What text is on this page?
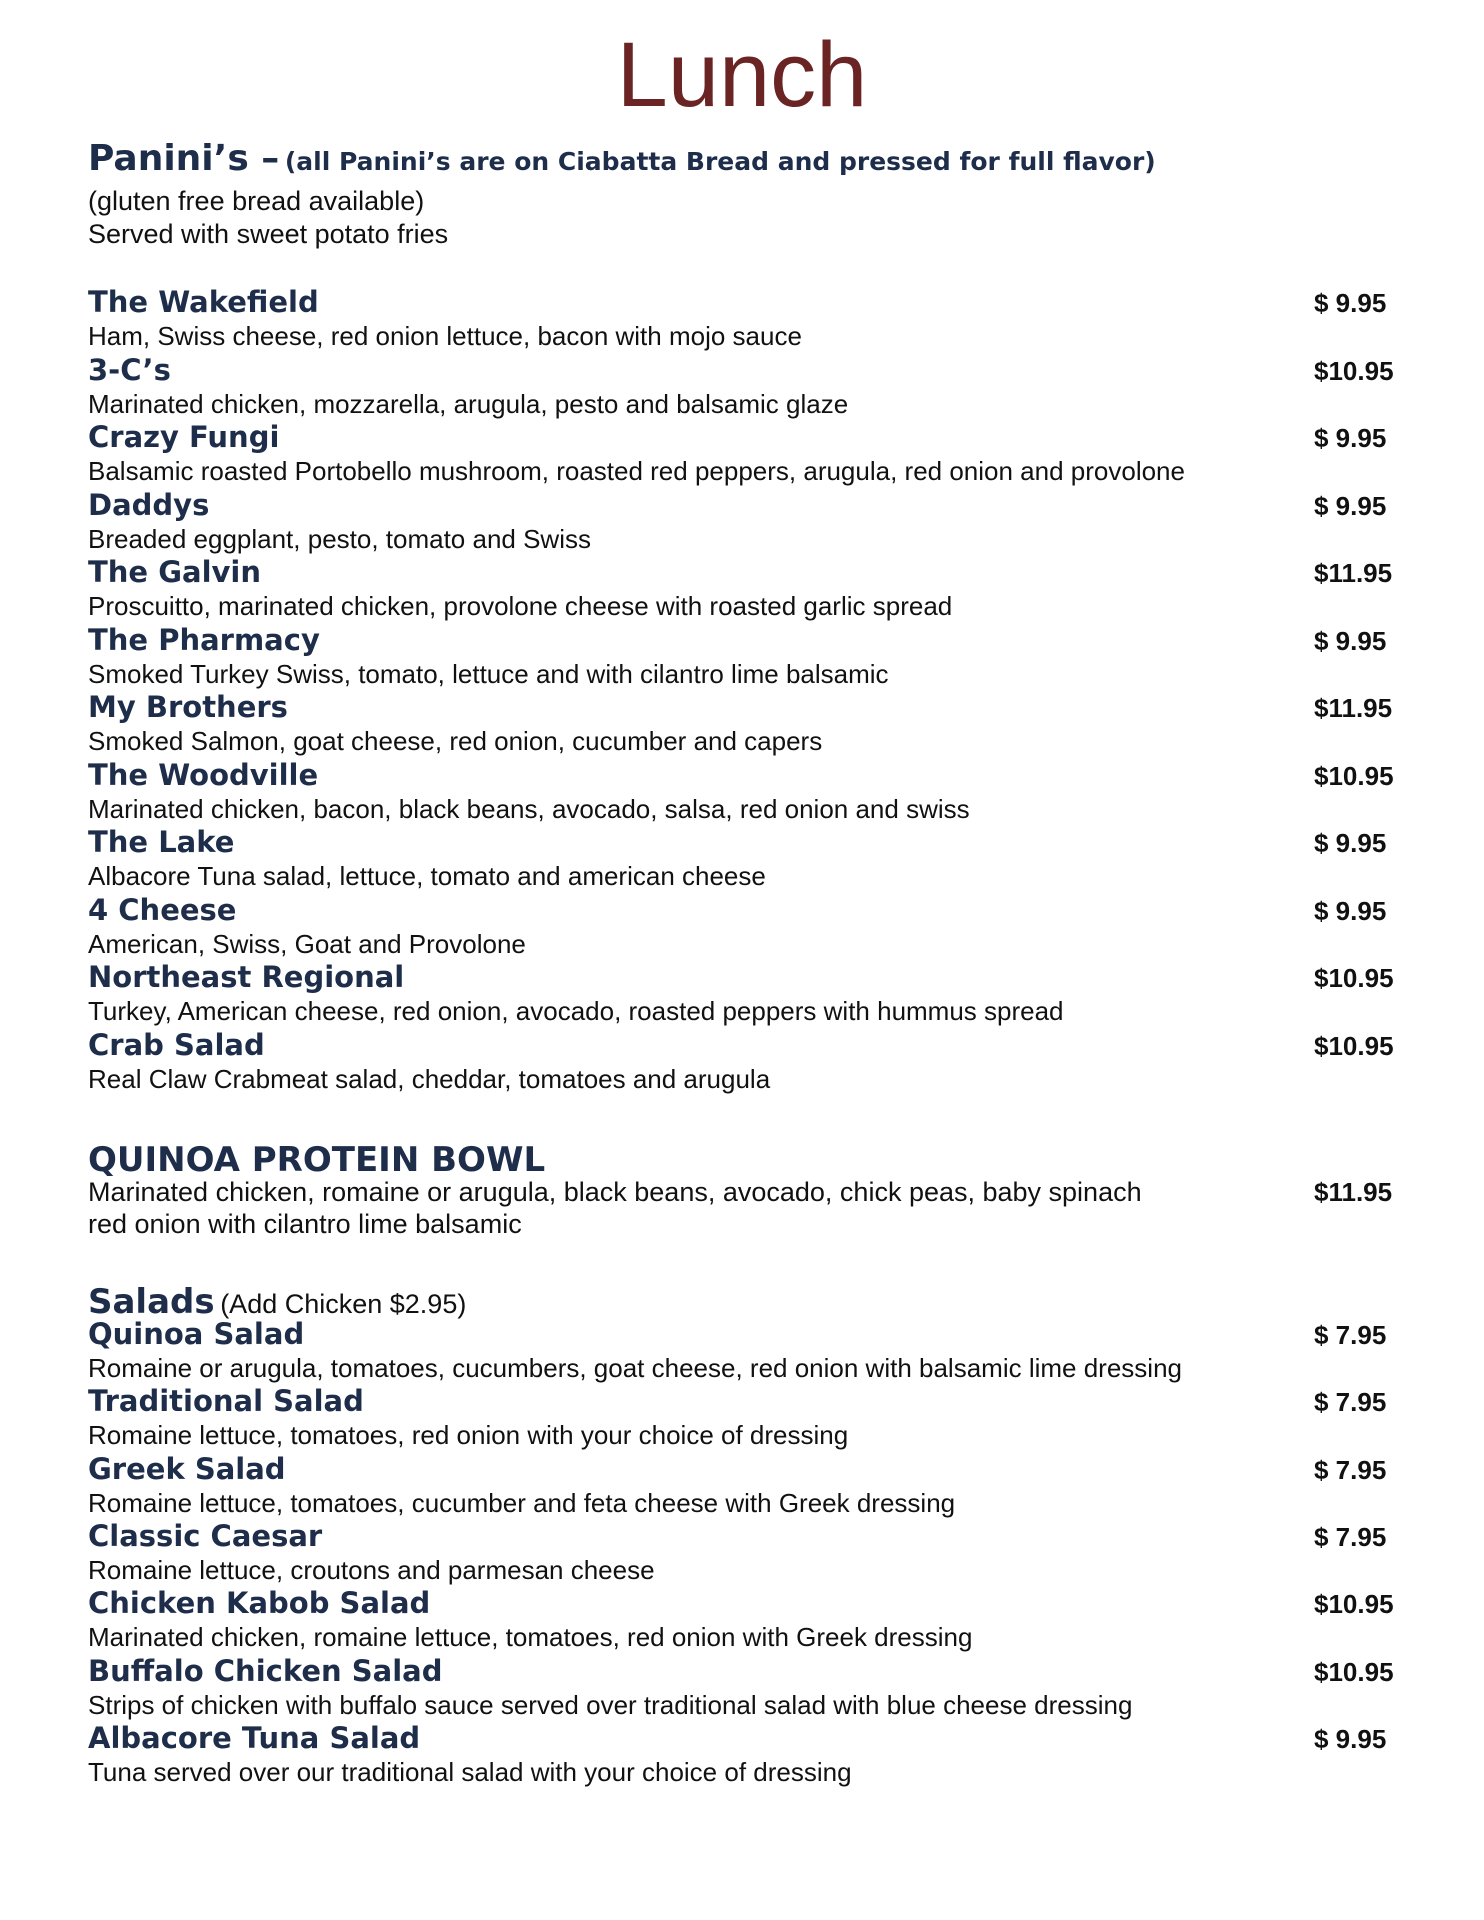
Lunch
Panini’s – (all Panini’s are on Ciabatta Bread and pressed for full flavor)
(gluten free bread available)
Served with sweet potato fries
The Wakefield
Ham, Swiss cheese, red onion lettuce, bacon with mojo sauce
$ 9.95
3-C’s
Marinated chicken, mozzarella, arugula, pesto and balsamic glaze
$10.95
Crazy Fungi
Balsamic roasted Portobello mushroom, roasted red peppers, arugula, red onion and provolone
$ 9.95
Daddys
Breaded eggplant, pesto, tomato and Swiss
$ 9.95
The Galvin
Proscuitto, marinated chicken, provolone cheese with roasted garlic spread
$11.95
The Pharmacy
Smoked Turkey Swiss, tomato, lettuce and with cilantro lime balsamic
$ 9.95
My Brothers
Smoked Salmon, goat cheese, red onion, cucumber and capers
$11.95
The Woodville
Marinated chicken, bacon, black beans, avocado, salsa, red onion and swiss
$10.95
The Lake
Albacore Tuna salad, lettuce, tomato and american cheese
$ 9.95
4 Cheese
American, Swiss, Goat and Provolone
$ 9.95
Northeast Regional
Turkey, American cheese, red onion, avocado, roasted peppers with hummus spread
$10.95
Crab Salad
Real Claw Crabmeat salad, cheddar, tomatoes and arugula
$10.95
QUINOA PROTEIN BOWL
Marinated chicken, romaine or arugula, black beans, avocado, chick peas, baby spinach
red onion with cilantro lime balsamic
$11.95
Salads (Add Chicken $2.95)
Quinoa Salad
Romaine or arugula, tomatoes, cucumbers, goat cheese, red onion with balsamic lime dressing
$ 7.95
Traditional Salad
Romaine lettuce, tomatoes, red onion with your choice of dressing
$ 7.95
Greek Salad
Romaine lettuce, tomatoes, cucumber and feta cheese with Greek dressing
$ 7.95
Classic Caesar
Romaine lettuce, croutons and parmesan cheese
$ 7.95
Chicken Kabob Salad
Marinated chicken, romaine lettuce, tomatoes, red onion with Greek dressing
$10.95
Buffalo Chicken Salad
Strips of chicken with buffalo sauce served over traditional salad with blue cheese dressing
$10.95
Albacore Tuna Salad
Tuna served over our traditional salad with your choice of dressing
$ 9.95
